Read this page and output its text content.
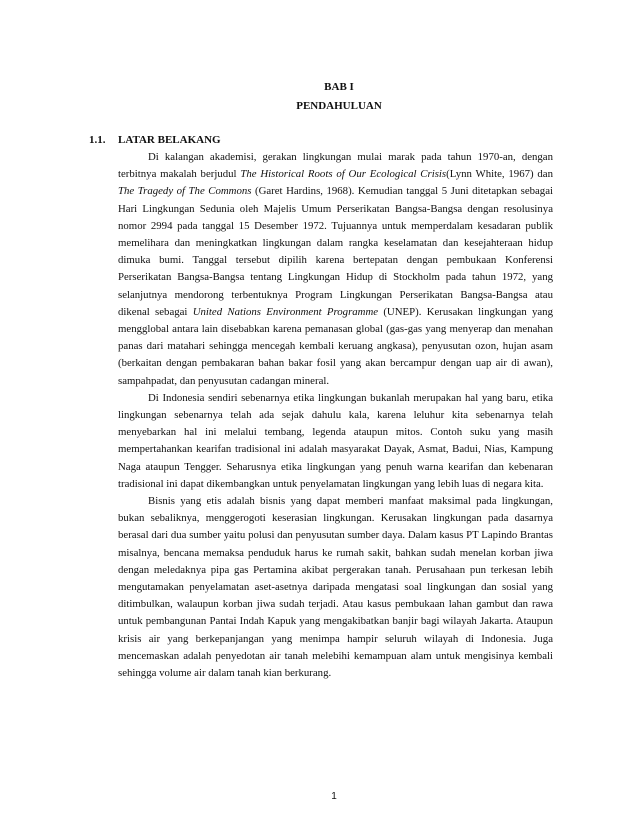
BAB I
PENDAHULUAN
1.1. LATAR BELAKANG

Di kalangan akademisi, gerakan lingkungan mulai marak pada tahun 1970-an, dengan terbitnya makalah berjudul The Historical Roots of Our Ecological Crisis(Lynn White, 1967) dan The Tragedy of The Commons (Garet Hardins, 1968). Kemudian tanggal 5 Juni ditetapkan sebagai Hari Lingkungan Sedunia oleh Majelis Umum Perserikatan Bangsa-Bangsa dengan resolusinya nomor 2994 pada tanggal 15 Desember 1972. Tujuannya untuk memperdalam kesadaran publik memelihara dan meningkatkan lingkungan dalam rangka keselamatan dan kesejahteraan hidup dimuka bumi. Tanggal tersebut dipilih karena bertepatan dengan pembukaan Konferensi Perserikatan Bangsa-Bangsa tentang Lingkungan Hidup di Stockholm pada tahun 1972, yang selanjutnya mendorong terbentuknya Program Lingkungan Perserikatan Bangsa-Bangsa atau dikenal sebagai United Nations Environment Programme (UNEP). Kerusakan lingkungan yang mengglobal antara lain disebabkan karena pemanasan global (gas-gas yang menyerap dan menahan panas dari matahari sehingga mencegah kembali keruang angkasa), penyusutan ozon, hujan asam (berkaitan dengan pembakaran bahan bakar fosil yang akan bercampur dengan uap air di awan), sampahpadat, dan penyusutan cadangan mineral.

Di Indonesia sendiri sebenarnya etika lingkungan bukanlah merupakan hal yang baru, etika lingkungan sebenarnya telah ada sejak dahulu kala, karena leluhur kita sebenarnya telah menyebarkan hal ini melalui tembang, legenda ataupun mitos. Contoh suku yang masih mempertahankan kearifan tradisional ini adalah masyarakat Dayak, Asmat, Badui, Nias, Kampung Naga ataupun Tengger. Seharusnya etika lingkungan yang penuh warna kearifan dan kebenaran tradisional ini dapat dikembangkan untuk penyelamatan lingkungan yang lebih luas di negara kita.

Bisnis yang etis adalah bisnis yang dapat memberi manfaat maksimal pada lingkungan, bukan sebaliknya, menggerogoti keserasian lingkungan. Kerusakan lingkungan pada dasarnya berasal dari dua sumber yaitu polusi dan penyusutan sumber daya. Dalam kasus PT Lapindo Brantas misalnya, bencana memaksa penduduk harus ke rumah sakit, bahkan sudah menelan korban jiwa dengan meledaknya pipa gas Pertamina akibat pergerakan tanah. Perusahaan pun terkesan lebih mengutamakan penyelamatan aset-asetnya daripada mengatasi soal lingkungan dan sosial yang ditimbulkan, walaupun korban jiwa sudah terjadi. Atau kasus pembukaan lahan gambut dan rawa untuk pembangunan Pantai Indah Kapuk yang mengakibatkan banjir bagi wilayah Jakarta. Ataupun krisis air yang berkepanjangan yang menimpa hampir seluruh wilayah di Indonesia. Juga mencemaskan adalah penyedotan air tanah melebihi kemampuan alam untuk mengisinya kembali sehingga volume air dalam tanah kian berkurang.

1
